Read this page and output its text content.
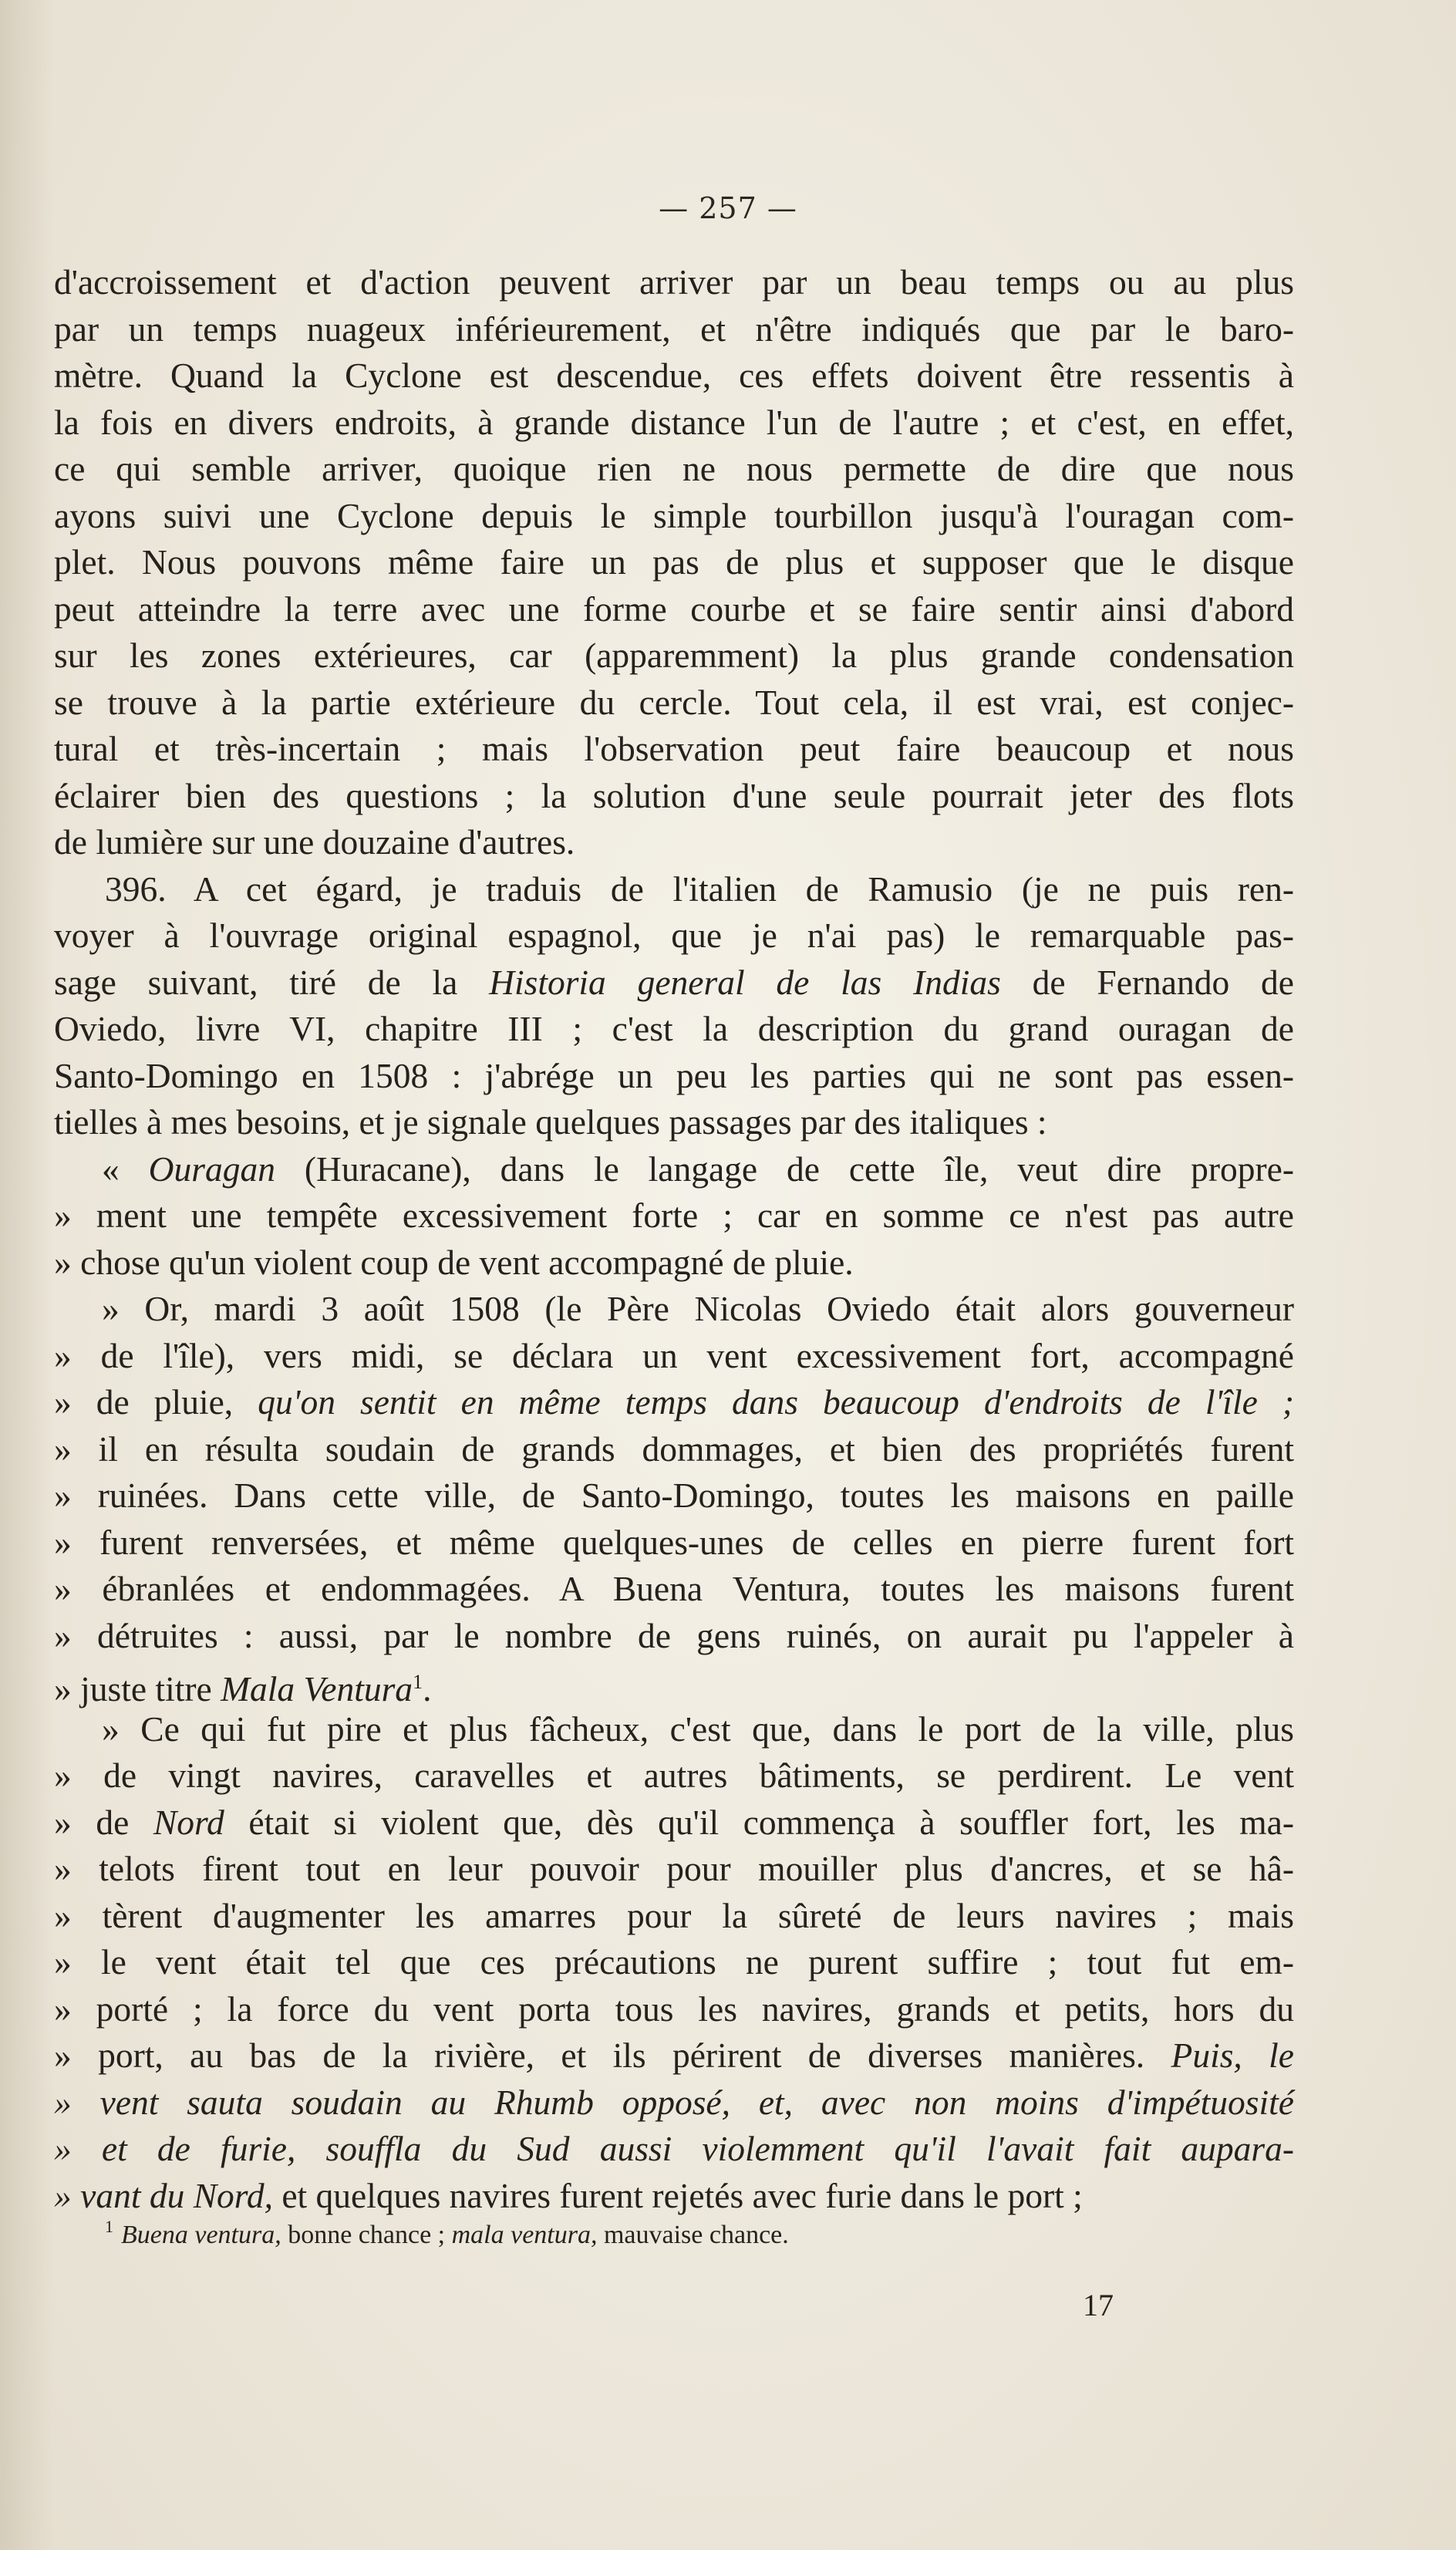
— 257 —
d'accroissement et d'action peuvent arriver par un beau temps ou au plus
par un temps nuageux inférieurement, et n'être indiqués que par le baro-
mètre. Quand la Cyclone est descendue, ces effets doivent être ressentis à
la fois en divers endroits, à grande distance l'un de l'autre ; et c'est, en effet,
ce qui semble arriver, quoique rien ne nous permette de dire que nous
ayons suivi une Cyclone depuis le simple tourbillon jusqu'à l'ouragan com-
plet. Nous pouvons même faire un pas de plus et supposer que le disque
peut atteindre la terre avec une forme courbe et se faire sentir ainsi d'abord
sur les zones extérieures, car (apparemment) la plus grande condensation
se trouve à la partie extérieure du cercle. Tout cela, il est vrai, est conjec-
tural et très-incertain ; mais l'observation peut faire beaucoup et nous
éclairer bien des questions ; la solution d'une seule pourrait jeter des flots
de lumière sur une douzaine d'autres.
396. A cet égard, je traduis de l'italien de Ramusio (je ne puis ren-
voyer à l'ouvrage original espagnol, que je n'ai pas) le remarquable pas-
sage suivant, tiré de la Historia general de las Indias de Fernando de
Oviedo, livre VI, chapitre III ; c'est la description du grand ouragan de
Santo-Domingo en 1508 : j'abrége un peu les parties qui ne sont pas essen-
tielles à mes besoins, et je signale quelques passages par des italiques :
« Ouragan (Huracane), dans le langage de cette île, veut dire propre-
» ment une tempête excessivement forte ; car en somme ce n'est pas autre
» chose qu'un violent coup de vent accompagné de pluie.
» Or, mardi 3 août 1508 (le Père Nicolas Oviedo était alors gouverneur
» de l'île), vers midi, se déclara un vent excessivement fort, accompagné
» de pluie, qu'on sentit en même temps dans beaucoup d'endroits de l'île ;
» il en résulta soudain de grands dommages, et bien des propriétés furent
» ruinées. Dans cette ville, de Santo-Domingo, toutes les maisons en paille
» furent renversées, et même quelques-unes de celles en pierre furent fort
» ébranlées et endommagées. A Buena Ventura, toutes les maisons furent
» détruites : aussi, par le nombre de gens ruinés, on aurait pu l'appeler à
» juste titre Mala Ventura$^1$.
» Ce qui fut pire et plus fâcheux, c'est que, dans le port de la ville, plus
» de vingt navires, caravelles et autres bâtiments, se perdirent. Le vent
» de Nord était si violent que, dès qu'il commença à souffler fort, les ma-
» telots firent tout en leur pouvoir pour mouiller plus d'ancres, et se hâ-
» tèrent d'augmenter les amarres pour la sûreté de leurs navires ; mais
» le vent était tel que ces précautions ne purent suffire ; tout fut em-
» porté ; la force du vent porta tous les navires, grands et petits, hors du
» port, au bas de la rivière, et ils périrent de diverses manières. Puis, le
» vent sauta soudain au Rhumb opposé, et, avec non moins d'impétuosité
» et de furie, souffla du Sud aussi violemment qu'il l'avait fait aupara-
» vant du Nord, et quelques navires furent rejetés avec furie dans le port ;
$^1$ Buena ventura, bonne chance ; mala ventura, mauvaise chance.
17
